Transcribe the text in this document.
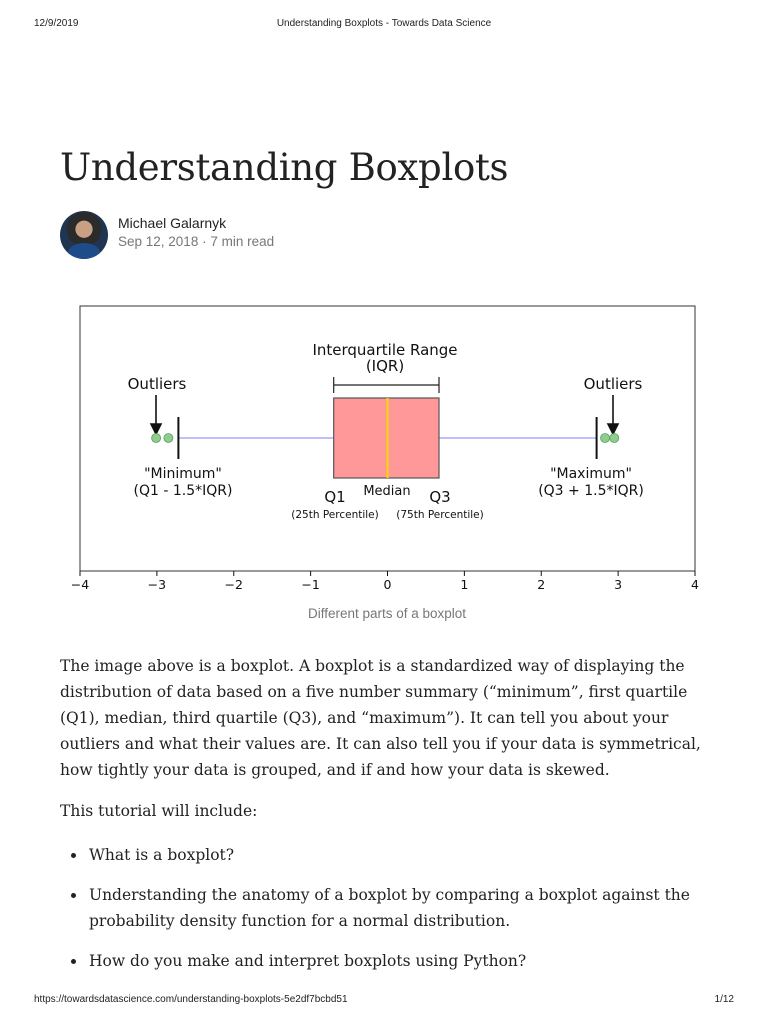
12/9/2019	Understanding Boxplots - Towards Data Science
Understanding Boxplots
Michael Galarnyk
Sep 12, 2018 · 7 min read
Interquartile Range
(IQR)
Outliers	Outliers
"Minimum"
(Q1 - 1.5*IQR)
"Maximum"
(Q3 + 1.5*IQR)
Q1 Median Q3
(25th Percentile) (75th Percentile)
−4	−3	−2	−1	0	1	2	3	4
Different parts of a boxplot

The image above is a boxplot. A boxplot is a standardized way of displaying the distribution of data based on a five number summary (“minimum”, first quartile (Q1), median, third quartile (Q3), and “maximum”). It can tell you about your outliers and what their values are. It can also tell you if your data is symmetrical, how tightly your data is grouped, and if and how your data is skewed.

This tutorial will include:

What is a boxplot?
Understanding the anatomy of a boxplot by comparing a boxplot against the probability density function for a normal distribution.
How do you make and interpret boxplots using Python?
https://towardsdatascience.com/understanding-boxplots-5e2df7bcbd51	1/12
